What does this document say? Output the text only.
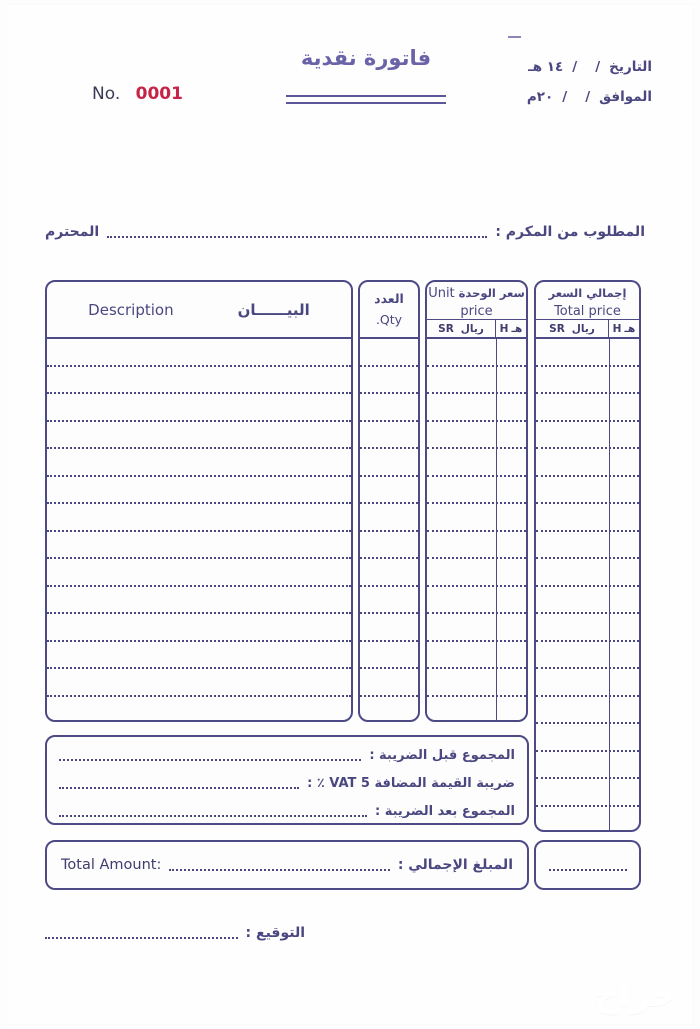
التاريخ//١٤ هـ
الموافق//٢٠م
فاتورة نقدية
No. 0001
المطلوب من المكرم :
المحترم
البيــــــان
Description
العدد
Qty.
سعر الوحدة Unit price
SR ريال H هـ
إجمالي السعر Total price
SR ريال H هـ
المجموع قبل الضريبة :
ضريبة القيمة المضافة VAT 5 ٪ :
المجموع بعد الضريبة :
المبلغ الإجمالي :
Total Amount:
التوقيع :
حراج
